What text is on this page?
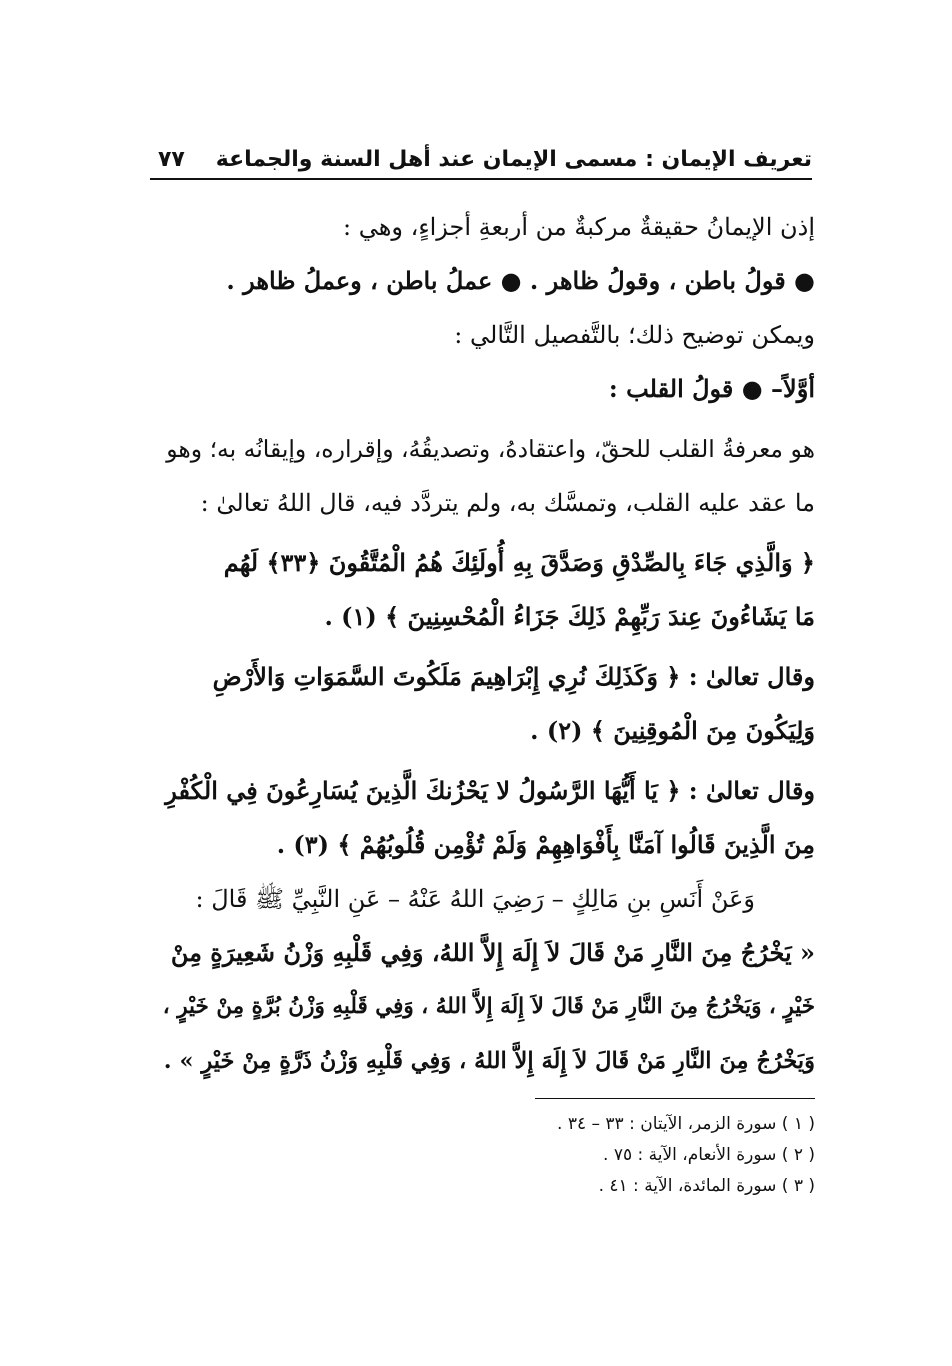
تعريف الإيمان : مسمى الإيمان عند أهل السنة والجماعة
٧٧

إذن الإيمانُ حقيقةٌ مركبةٌ من أربعةِ أجزاءٍ، وهي :

● قولُ باطن ، وقولُ ظاهر . ● عملُ باطن ، وعملُ ظاهر .

ويمكن توضيح ذلك؛ بالتَّفصيل التَّالي :

أوَّلاً– ● قولُ القلب :

هو معرفةُ القلب للحقّ، واعتقادهُ، وتصديقُهُ، وإقراره، وإيقانُه به؛ وهو

ما عقد عليه القلب، وتمسَّك به، ولم يتردَّد فيه، قال اللهُ تعالىٰ :

﴿ وَالَّذِي جَاءَ بِالصِّدْقِ وَصَدَّقَ بِهِ أُولَئِكَ هُمُ الْمُتَّقُونَ ﴿٣٣﴾ لَهُم

مَا يَشَاءُونَ عِندَ رَبِّهِمْ ذَلِكَ جَزَاءُ الْمُحْسِنِينَ ﴾ (١) .

وقال تعالىٰ : ﴿ وَكَذَلِكَ نُرِي إِبْرَاهِيمَ مَلَكُوتَ السَّمَوَاتِ وَالأَرْضِ

وَلِيَكُونَ مِنَ الْمُوقِنِينَ ﴾ (٢) .

وقال تعالىٰ : ﴿ يَا أَيُّهَا الرَّسُولُ لا يَحْزُنكَ الَّذِينَ يُسَارِعُونَ فِي الْكُفْرِ

مِنَ الَّذِينَ قَالُوا آمَنَّا بِأَفْوَاهِهِمْ وَلَمْ تُؤْمِن قُلُوبُهُمْ ﴾ (٣) .

وَعَنْ أَنَسِ بنِ مَالِكٍ – رَضِيَ اللهُ عَنْهُ – عَنِ النَّبِيِّ ﷺ قَالَ :

« يَخْرُجُ مِنَ النَّارِ مَنْ قَالَ لاَ إِلَهَ إِلاَّ اللهُ، وَفِي قَلْبِهِ وَزْنُ شَعِيرَةٍ مِنْ

خَيْرٍ ، وَيَخْرُجُ مِنَ النَّارِ مَنْ قَالَ لاَ إِلَهَ إِلاَّ اللهُ ، وَفِي قَلْبِهِ وَزْنُ بُرَّةٍ مِنْ خَيْرٍ ،

وَيَخْرُجُ مِنَ النَّارِ مَنْ قَالَ لاَ إِلَهَ إِلاَّ اللهُ ، وَفِي قَلْبِهِ وَزْنُ ذَرَّةٍ مِنْ خَيْرٍ » .

( ١ ) سورة الزمر، الآيتان : ٣٣ – ٣٤ .

( ٢ ) سورة الأنعام، الآية : ٧٥ .

( ٣ ) سورة المائدة، الآية : ٤١ .
